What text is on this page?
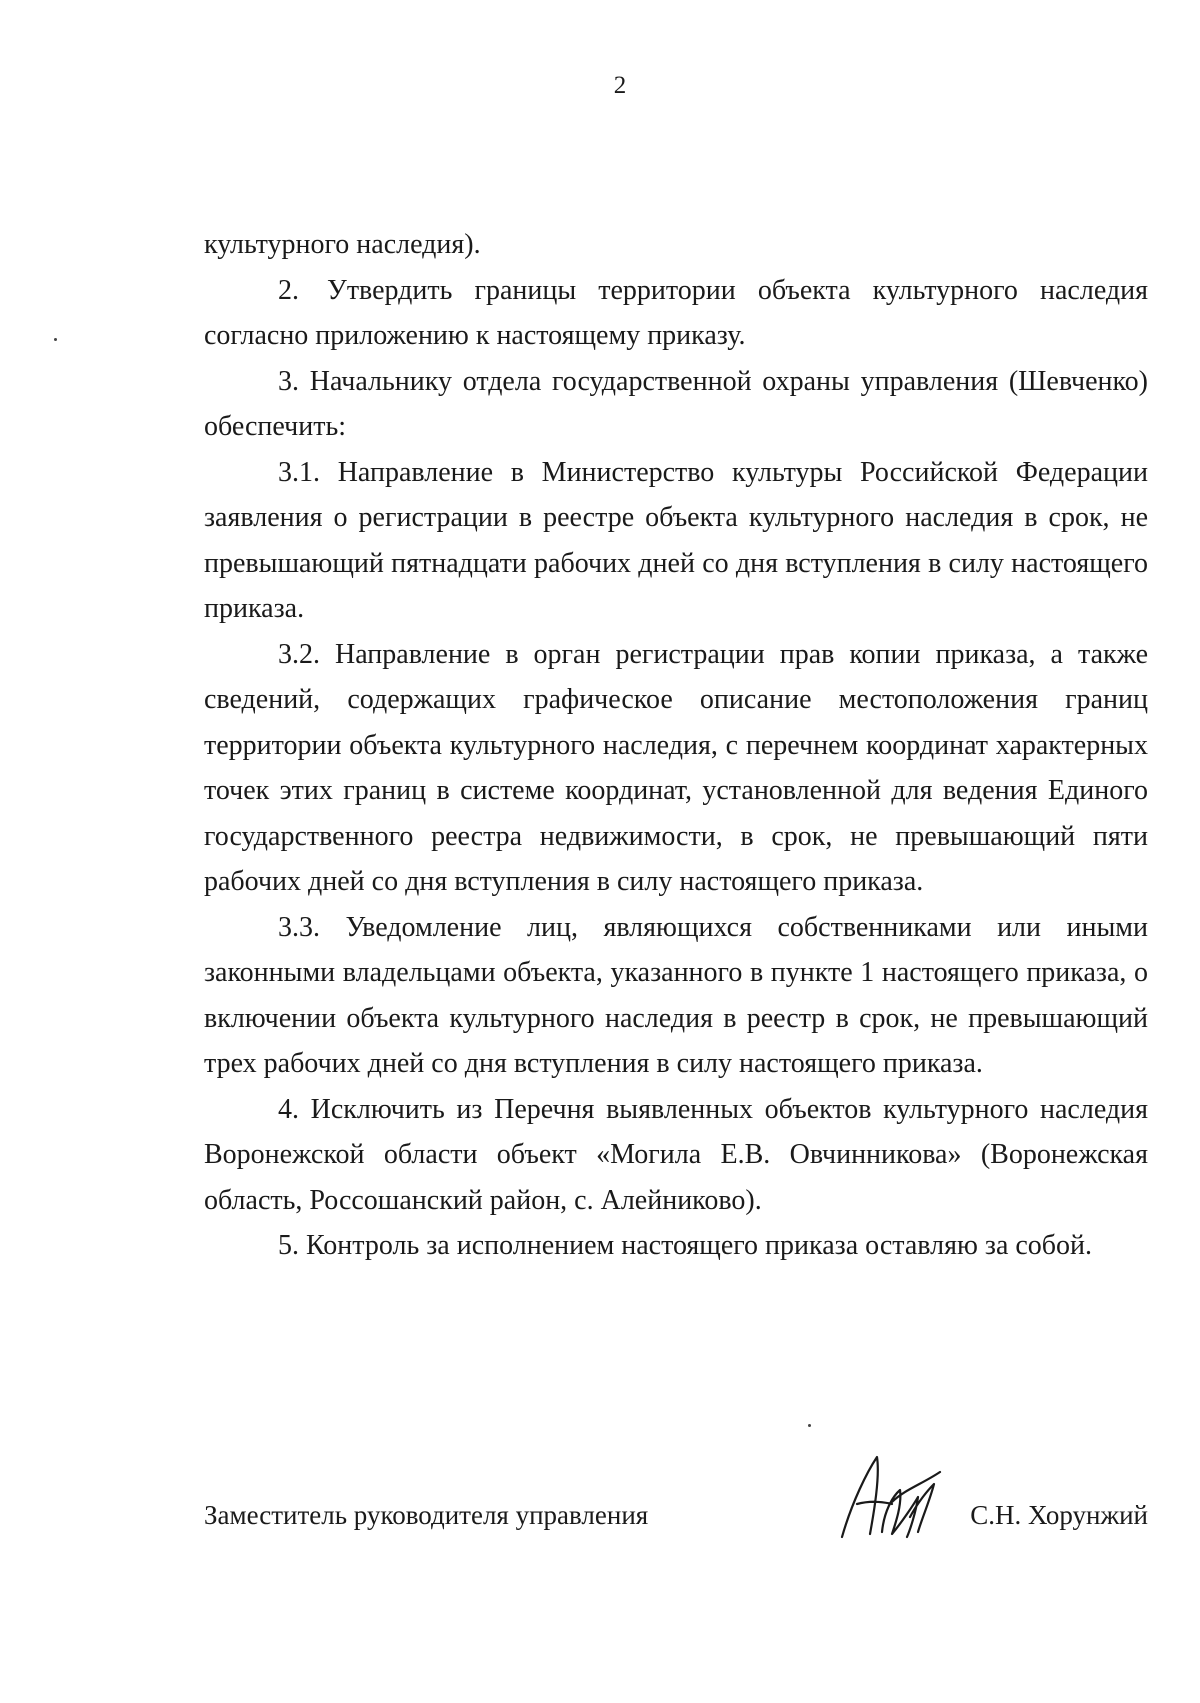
2

культурного наследия).

2. Утвердить границы территории объекта культурного наследия согласно приложению к настоящему приказу.

3. Начальнику отдела государственной охраны управления (Шевченко) обеспечить:

3.1. Направление в Министерство культуры Российской Федерации заявления о регистрации в реестре объекта культурного наследия в срок, не превышающий пятнадцати рабочих дней со дня вступления в силу настоящего приказа.

3.2. Направление в орган регистрации прав копии приказа, а также сведений, содержащих графическое описание местоположения границ территории объекта культурного наследия, с перечнем координат характерных точек этих границ в системе координат, установленной для ведения Единого государственного реестра недвижимости, в срок, не превышающий пяти рабочих дней со дня вступления в силу настоящего приказа.

3.3. Уведомление лиц, являющихся собственниками или иными законными владельцами объекта, указанного в пункте 1 настоящего приказа, о включении объекта культурного наследия в реестр в срок, не превышающий трех рабочих дней со дня вступления в силу настоящего приказа.

4. Исключить из Перечня выявленных объектов культурного наследия Воронежской области объект «Могила Е.В. Овчинникова» (Воронежская область, Россошанский район, с. Алейниково).

5. Контроль за исполнением настоящего приказа оставляю за собой.

Заместитель руководителя управления	С.Н. Хорунжий
